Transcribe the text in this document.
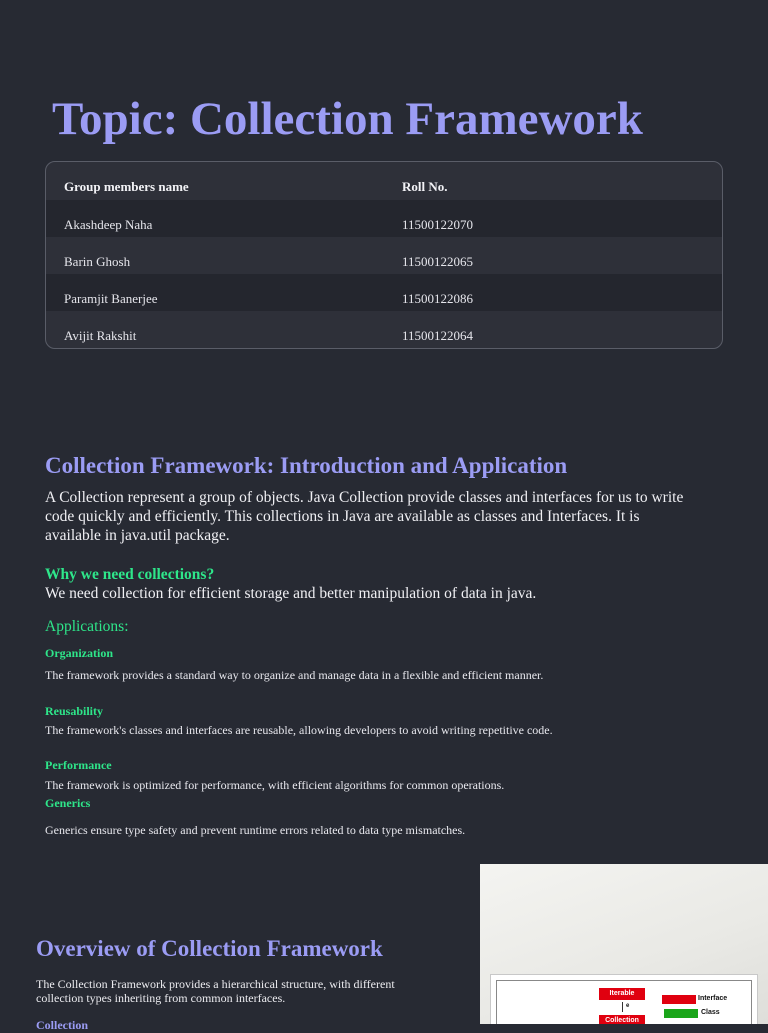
Topic: Collection Framework
Group members name	Roll No.
Akashdeep Naha	11500122070
Barin Ghosh	11500122065
Paramjit Banerjee	11500122086
Avijit Rakshit	11500122064
Collection Framework: Introduction and Application

A Collection represent a group of objects. Java Collection provide classes and interfaces for us to write code quickly and efficiently. This collections in Java are available as classes and Interfaces. It is available in java.util package.

Why we need collections?

We need collection for efficient storage and better manipulation of data in java.

Applications:
Organization

The framework provides a standard way to organize and manage data in a flexible and efficient manner.

Reusability

The framework's classes and interfaces are reusable, allowing developers to avoid writing repetitive code.

Performance

The framework is optimized for performance, with efficient algorithms for common operations.

Generics

Generics ensure type safety and prevent runtime errors related to data type mismatches.

Overview of Collection Framework

The Collection Framework provides a hierarchical structure, with different collection types inheriting from common interfaces.

Collection
Iterable
e
Collection
Interface
Class
